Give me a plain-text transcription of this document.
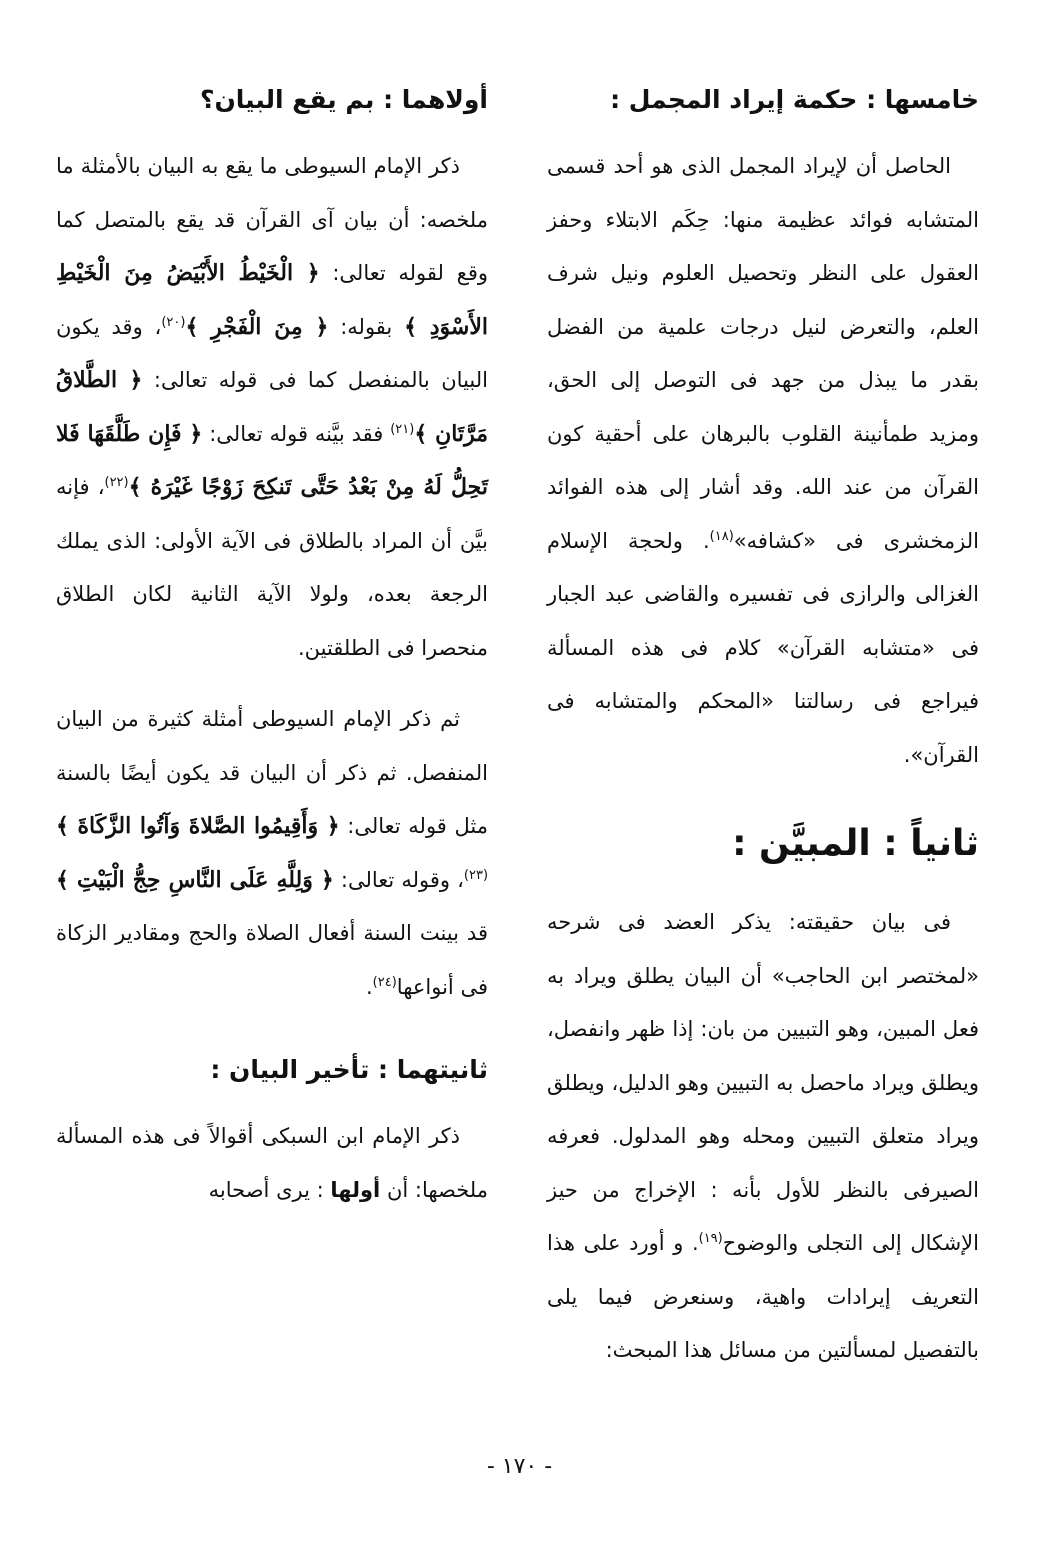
خامسها : حكمة إيراد المجمل :

الحاصل أن لإيراد المجمل الذى هو أحد قسمى المتشابه فوائد عظيمة منها: حِكَم الابتلاء وحفز العقول على النظر وتحصيل العلوم ونيل شرف العلم، والتعرض لنيل درجات علمية من الفضل بقدر ما يبذل من جهد فى التوصل إلى الحق، ومزيد طمأنينة القلوب بالبرهان على أحقية كون القرآن من عند الله. وقد أشار إلى هذه الفوائد الزمخشرى فى «كشافه»$^{(١٨)}$. ولحجة الإسلام الغزالى والرازى فى تفسيره والقاضى عبد الجبار فى «متشابه القرآن» كلام فى هذه المسألة فيراجع فى رسالتنا «المحكم والمتشابه فى القرآن».

ثانياً : المبيَّن :

فى بيان حقيقته: يذكر العضد فى شرحه «لمختصر ابن الحاجب» أن البيان يطلق ويراد به فعل المبين، وهو التبيين من بان: إذا ظهر وانفصل، ويطلق ويراد ماحصل به التبيين وهو الدليل، ويطلق ويراد متعلق التبيين ومحله وهو المدلول. فعرفه الصيرفى بالنظر للأول بأنه : الإخراج من حيز الإشكال إلى التجلى والوضوح$^{(١٩)}$. و أورد على هذا التعريف إيرادات واهية، وسنعرض فيما يلى بالتفصيل لمسألتين من مسائل هذا المبحث:

أولاهما : بم يقع البيان؟

ذكر الإمام السيوطى ما يقع به البيان بالأمثلة ما ملخصه: أن بيان آى القرآن قد يقع بالمتصل كما وقع لقوله تعالى: ﴿ الْخَيْطُ الأَبْيَضُ مِنَ الْخَيْطِ الأَسْوَدِ ﴾ بقوله: ﴿ مِنَ الْفَجْرِ ﴾$^{(٢٠)}$، وقد يكون البيان بالمنفصل كما فى قوله تعالى: ﴿ الطَّلاقُ مَرَّتَانِ ﴾$^{(٢١)}$ فقد بيَّنه قوله تعالى: ﴿ فَإِن طَلَّقَهَا فَلا تَحِلُّ لَهُ مِنْ بَعْدُ حَتَّى تَنكِحَ زَوْجًا غَيْرَهُ ﴾$^{(٢٢)}$، فإنه بيَّن أن المراد بالطلاق فى الآية الأولى: الذى يملك الرجعة بعده، ولولا الآية الثانية لكان الطلاق منحصرا فى الطلقتين.

ثم ذكر الإمام السيوطى أمثلة كثيرة من البيان المنفصل. ثم ذكر أن البيان قد يكون أيضًا بالسنة مثل قوله تعالى: ﴿ وَأَقِيمُوا الصَّلاةَ وَآتُوا الزَّكَاةَ ﴾$^{(٢٣)}$، وقوله تعالى: ﴿ وَلِلَّهِ عَلَى النَّاسِ حِجُّ الْبَيْتِ ﴾ قد بينت السنة أفعال الصلاة والحج ومقادير الزكاة فى أنواعها$^{(٢٤)}$.

ثانيتهما : تأخير البيان :

ذكر الإمام ابن السبكى أقوالاً فى هذه المسألة ملخصها: أن أولها : يرى أصحابه

- ١٧٠ -
